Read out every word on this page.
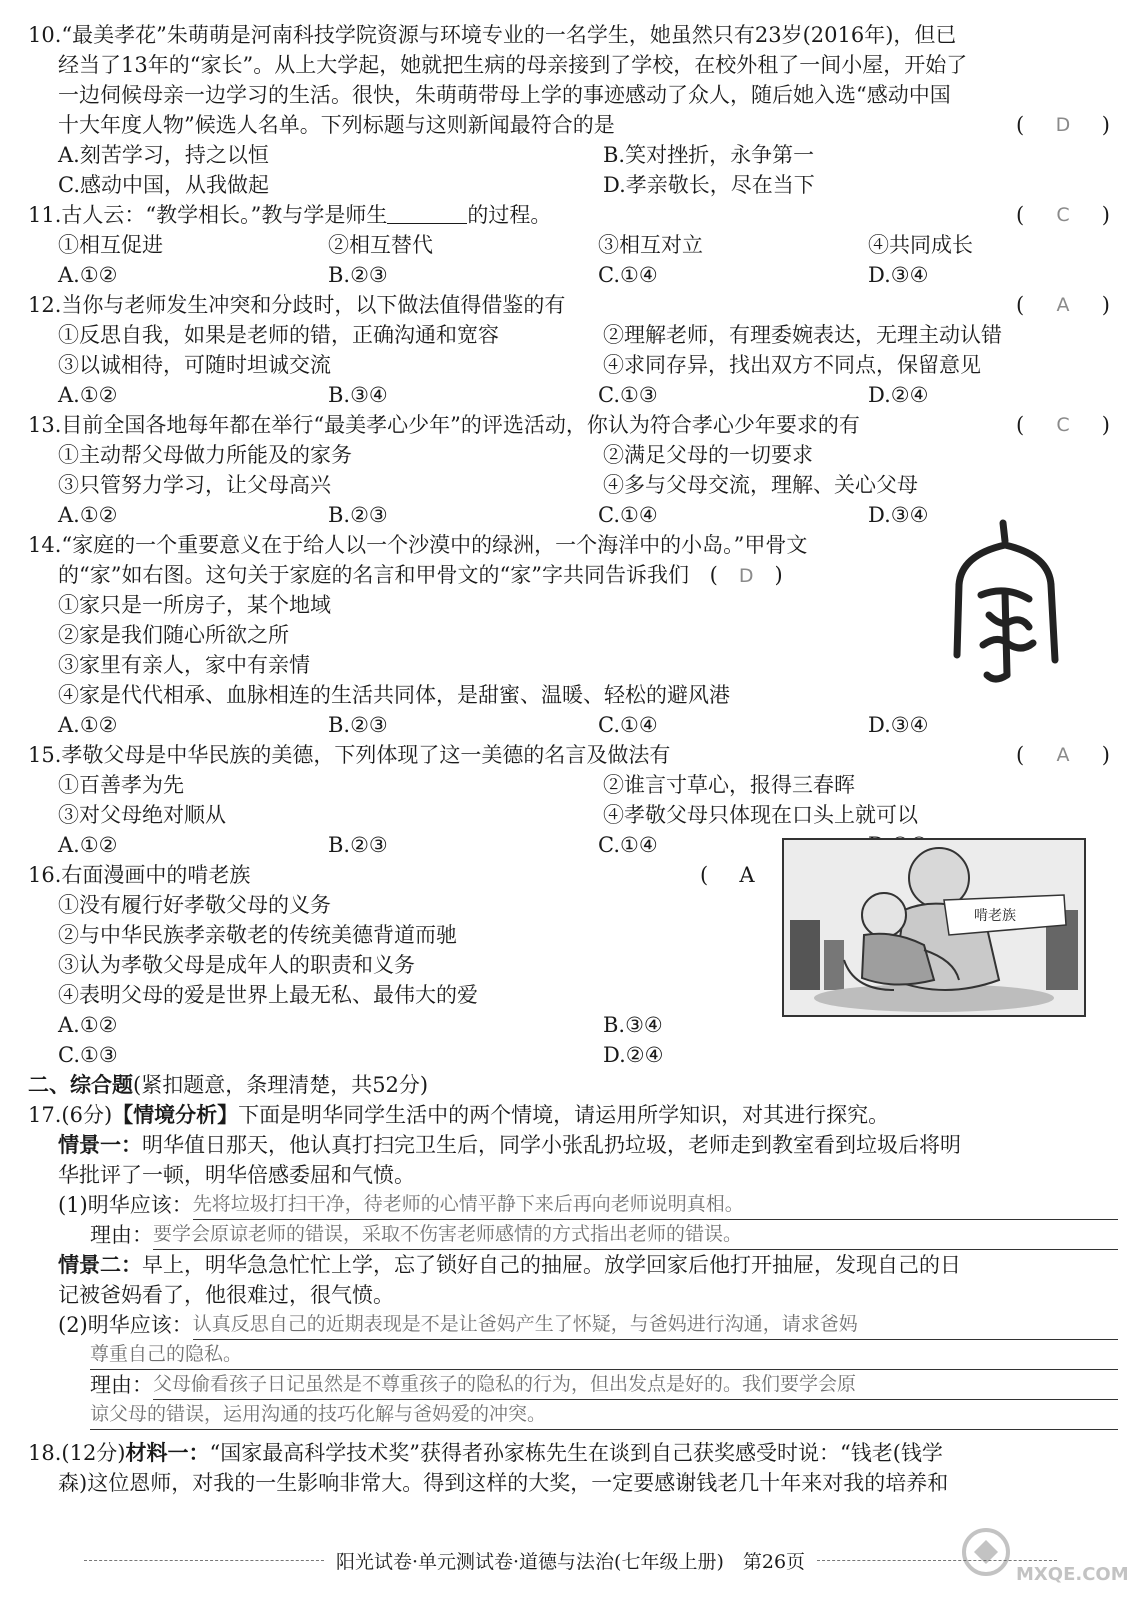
10.“最美孝花”朱萌萌是河南科技学院资源与环境专业的一名学生，她虽然只有23岁(2016年)，但已
经当了13年的“家长”。从上大学起，她就把生病的母亲接到了学校，在校外租了一间小屋，开始了
一边伺候母亲一边学习的生活。很快，朱萌萌带母上学的事迹感动了众人，随后她入选“感动中国
十大年度人物”候选人名单。下列标题与这则新闻最符合的是	( D )
A.刻苦学习，持之以恒	B.笑对挫折，永争第一
C.感动中国，从我做起	D.孝亲敬长，尽在当下
11.古人云：“教学相长。”教与学是师生	的过程。	( C )
①相互促进	②相互替代	③相互对立	④共同成长
A.①②	B.②③	C.①④	D.③④
12.当你与老师发生冲突和分歧时，以下做法值得借鉴的有	( A )
①反思自我，如果是老师的错，正确沟通和宽容	②理解老师，有理委婉表达，无理主动认错
③以诚相待，可随时坦诚交流	④求同存异，找出双方不同点，保留意见
A.①②	B.③④	C.①③	D.②④
13.目前全国各地每年都在举行“最美孝心少年”的评选活动，你认为符合孝心少年要求的有	( C )
①主动帮父母做力所能及的家务	②满足父母的一切要求
③只管努力学习，让父母高兴	④多与父母交流，理解、关心父母
A.①②	B.②③	C.①④	D.③④
14.“家庭的一个重要意义在于给人以一个沙漠中的绿洲，一个海洋中的小岛。”甲骨文
的“家”如右图。这句关于家庭的名言和甲骨文的“家”字共同告诉我们 (　D　)
①家只是一所房子，某个地域
②家是我们随心所欲之所
③家里有亲人，家中有亲情
④家是代代相承、血脉相连的生活共同体，是甜蜜、温暖、轻松的避风港
A.①②	B.②③	C.①④	D.③④
15.孝敬父母是中华民族的美德，下列体现了这一美德的名言及做法有	( A )
①百善孝为先	②谁言寸草心，报得三春晖
③对父母绝对顺从	④孝敬父母只体现在口头上就可以
A.①②	B.②③	C.①④
16.右面漫画中的啃老族	( A
①没有履行好孝敬父母的义务
②与中华民族孝亲敬老的传统美德背道而驰
③认为孝敬父母是成年人的职责和义务
④表明父母的爱是世界上最无私、最伟大的爱
A.①②	B.③④
C.①③	D.②④
二、综合题(紧扣题意，条理清楚，共52分)
17.(6分)【情境分析】下面是明华同学生活中的两个情境，请运用所学知识，对其进行探究。
情景一：明华值日那天，他认真打扫完卫生后，同学小张乱扔垃圾，老师走到教室看到垃圾后将明
华批评了一顿，明华倍感委屈和气愤。
(1)明华应该： 先将垃圾打扫干净，待老师的心情平静下来后再向老师说明真相。
理由： 要学会原谅老师的错误，采取不伤害老师感情的方式指出老师的错误。
情景二：早上，明华急急忙忙上学，忘了锁好自己的抽屉。放学回家后他打开抽屉，发现自己的日
记被爸妈看了，他很难过，很气愤。
(2)明华应该： 认真反思自己的近期表现是不是让爸妈产生了怀疑，与爸妈进行沟通，请求爸妈
尊重自己的隐私。
理由： 父母偷看孩子日记虽然是不尊重孩子的隐私的行为，但出发点是好的。我们要学会原
谅父母的错误，运用沟通的技巧化解与爸妈爱的冲突。
18.(12分)材料一：“国家最高科学技术奖”获得者孙家栋先生在谈到自己获奖感受时说：“钱老(钱学
森)这位恩师，对我的一生影响非常大。得到这样的大奖，一定要感谢钱老几十年来对我的培养和
啃老族
阳光试卷·单元测试卷·道德与法治(七年级上册)　第26页
MXQE.COM
